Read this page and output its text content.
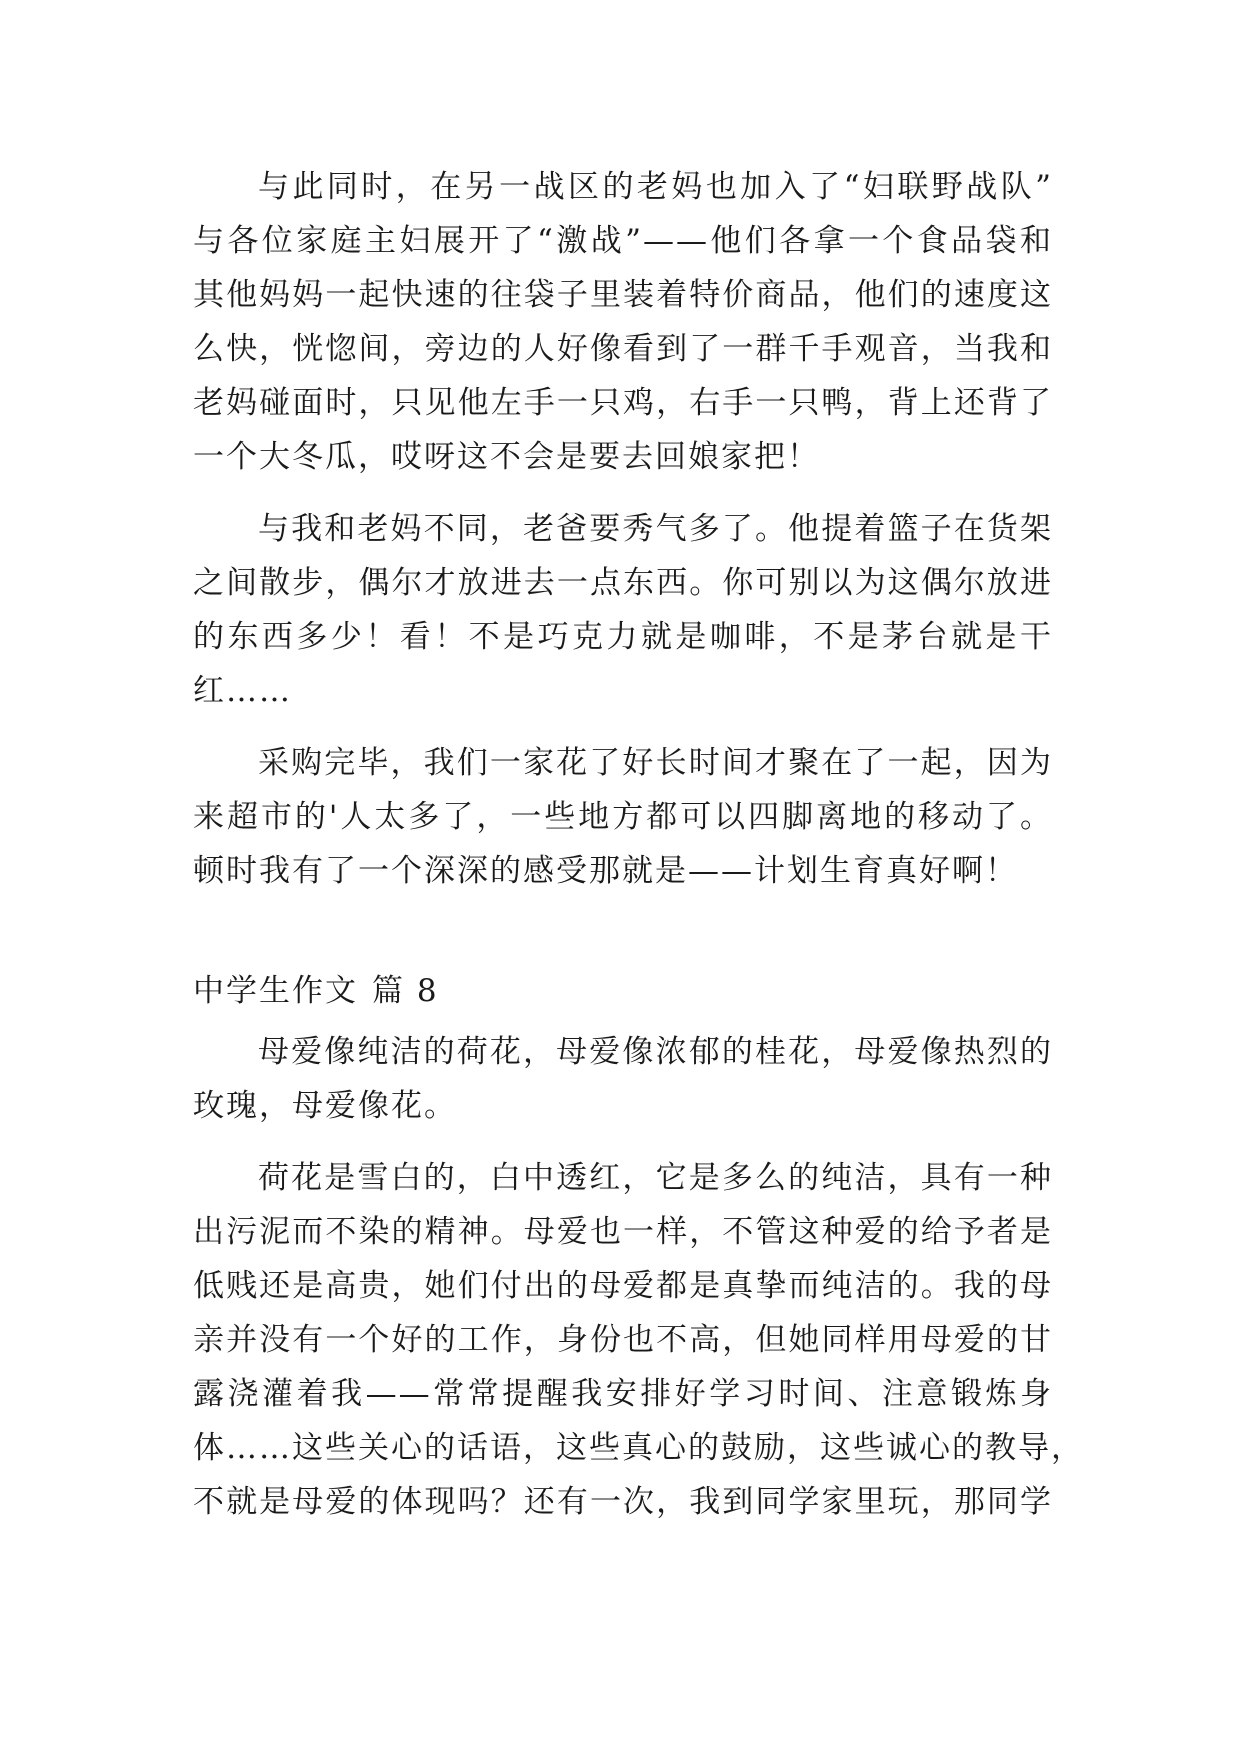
与此同时，在另一战区的老妈也加入了“妇联野战队”
与各位家庭主妇展开了“激战”——他们各拿一个食品袋和
其他妈妈一起快速的往袋子里装着特价商品，他们的速度这
么快，恍惚间，旁边的人好像看到了一群千手观音，当我和
老妈碰面时，只见他左手一只鸡，右手一只鸭，背上还背了
一个大冬瓜，哎呀这不会是要去回娘家把！
与我和老妈不同，老爸要秀气多了。他提着篮子在货架
之间散步，偶尔才放进去一点东西。你可别以为这偶尔放进
的东西多少！看！不是巧克力就是咖啡，不是茅台就是干
红……
采购完毕，我们一家花了好长时间才聚在了一起，因为
来超市的'人太多了，一些地方都可以四脚离地的移动了。
顿时我有了一个深深的感受那就是——计划生育真好啊！
中学生作文 篇 8
母爱像纯洁的荷花，母爱像浓郁的桂花，母爱像热烈的
玫瑰，母爱像花。
荷花是雪白的，白中透红，它是多么的纯洁，具有一种
出污泥而不染的精神。母爱也一样，不管这种爱的给予者是
低贱还是高贵，她们付出的母爱都是真挚而纯洁的。我的母
亲并没有一个好的工作，身份也不高，但她同样用母爱的甘
露浇灌着我——常常提醒我安排好学习时间、注意锻炼身
体……这些关心的话语，这些真心的鼓励，这些诚心的教导，
不就是母爱的体现吗？还有一次，我到同学家里玩，那同学
